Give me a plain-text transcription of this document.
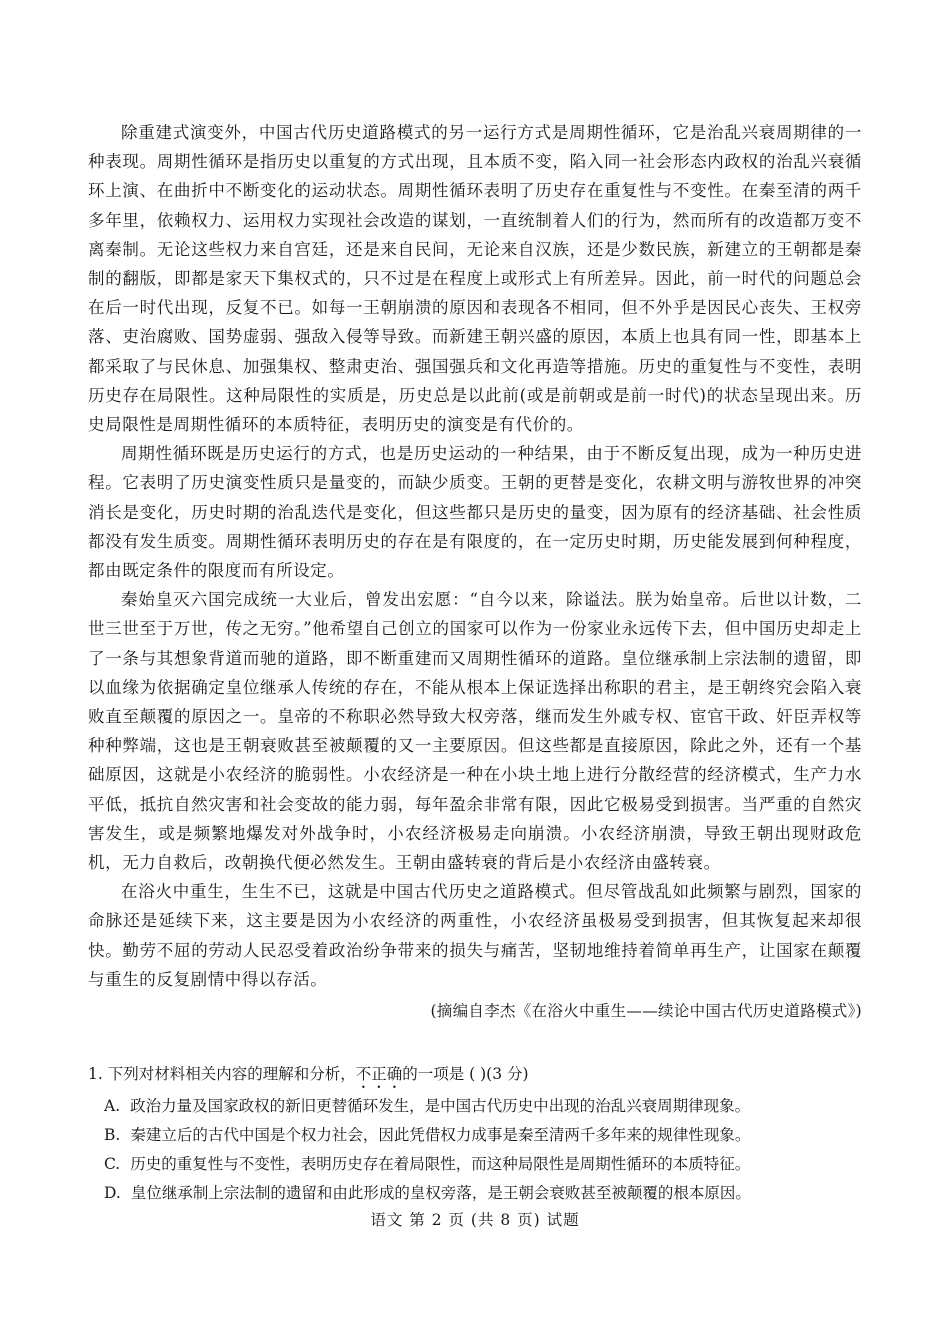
除重建式演变外，中国古代历史道路模式的另一运行方式是周期性循环，它是治乱兴衰周期律的一种表现。周期性循环是指历史以重复的方式出现，且本质不变，陷入同一社会形态内政权的治乱兴衰循环上演、在曲折中不断变化的运动状态。周期性循环表明了历史存在重复性与不变性。在秦至清的两千多年里，依赖权力、运用权力实现社会改造的谋划，一直统制着人们的行为，然而所有的改造都万变不离秦制。无论这些权力来自宫廷，还是来自民间，无论来自汉族，还是少数民族，新建立的王朝都是秦制的翻版，即都是家天下集权式的，只不过是在程度上或形式上有所差异。因此，前一时代的问题总会在后一时代出现，反复不已。如每一王朝崩溃的原因和表现各不相同，但不外乎是因民心丧失、王权旁落、吏治腐败、国势虚弱、强敌入侵等导致。而新建王朝兴盛的原因，本质上也具有同一性，即基本上都采取了与民休息、加强集权、整肃吏治、强国强兵和文化再造等措施。历史的重复性与不变性，表明历史存在局限性。这种局限性的实质是，历史总是以此前(或是前朝或是前一时代)的状态呈现出来。历史局限性是周期性循环的本质特征，表明历史的演变是有代价的。

周期性循环既是历史运行的方式，也是历史运动的一种结果，由于不断反复出现，成为一种历史进程。它表明了历史演变性质只是量变的，而缺少质变。王朝的更替是变化，农耕文明与游牧世界的冲突消长是变化，历史时期的治乱迭代是变化，但这些都只是历史的量变，因为原有的经济基础、社会性质都没有发生质变。周期性循环表明历史的存在是有限度的，在一定历史时期，历史能发展到何种程度，都由既定条件的限度而有所设定。

秦始皇灭六国完成统一大业后，曾发出宏愿：“自今以来，除谥法。朕为始皇帝。后世以计数，二世三世至于万世，传之无穷。”他希望自己创立的国家可以作为一份家业永远传下去，但中国历史却走上了一条与其想象背道而驰的道路，即不断重建而又周期性循环的道路。皇位继承制上宗法制的遗留，即以血缘为依据确定皇位继承人传统的存在，不能从根本上保证选择出称职的君主，是王朝终究会陷入衰败直至颠覆的原因之一。皇帝的不称职必然导致大权旁落，继而发生外戚专权、宦官干政、奸臣弄权等种种弊端，这也是王朝衰败甚至被颠覆的又一主要原因。但这些都是直接原因，除此之外，还有一个基础原因，这就是小农经济的脆弱性。小农经济是一种在小块土地上进行分散经营的经济模式，生产力水平低，抵抗自然灾害和社会变故的能力弱，每年盈余非常有限，因此它极易受到损害。当严重的自然灾害发生，或是频繁地爆发对外战争时，小农经济极易走向崩溃。小农经济崩溃，导致王朝出现财政危机，无力自救后，改朝换代便必然发生。王朝由盛转衰的背后是小农经济由盛转衰。

在浴火中重生，生生不已，这就是中国古代历史之道路模式。但尽管战乱如此频繁与剧烈，国家的命脉还是延续下来，这主要是因为小农经济的两重性，小农经济虽极易受到损害，但其恢复起来却很快。勤劳不屈的劳动人民忍受着政治纷争带来的损失与痛苦，坚韧地维持着简单再生产，让国家在颠覆与重生的反复剧情中得以存活。

(摘编自李杰《在浴火中重生——续论中国古代历史道路模式》)

1. 下列对材料相关内容的理解和分析，不正确的一项是 ( )(3 分)

A. 政治力量及国家政权的新旧更替循环发生，是中国古代历史中出现的治乱兴衰周期律现象。
B. 秦建立后的古代中国是个权力社会，因此凭借权力成事是秦至清两千多年来的规律性现象。
C. 历史的重复性与不变性，表明历史存在着局限性，而这种局限性是周期性循环的本质特征。
D. 皇位继承制上宗法制的遗留和由此形成的皇权旁落，是王朝会衰败甚至被颠覆的根本原因。
语文 第 2 页 (共 8 页) 试题
